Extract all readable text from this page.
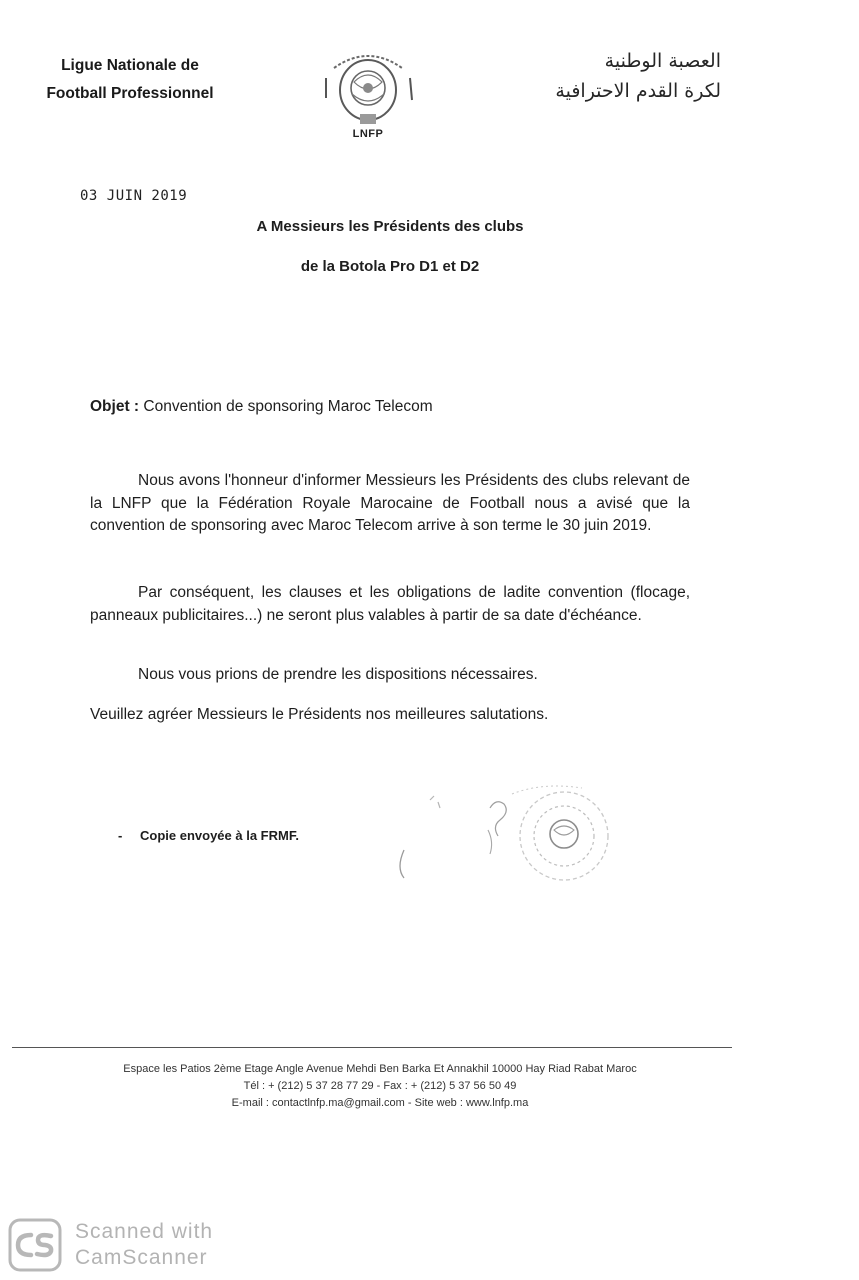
Ligue Nationale de
Football Professionnel
LNFP
العصبة الوطنية
لكرة القدم الاحترافية
03 JUIN 2019
A Messieurs les Présidents des clubs
de la Botola Pro D1 et D2
Objet : Convention de sponsoring Maroc Telecom
Nous avons l'honneur d'informer Messieurs les Présidents des clubs relevant de la LNFP que la Fédération Royale Marocaine de Football nous a avisé que la convention de sponsoring avec Maroc Telecom arrive à son terme le 30 juin 2019.
Par conséquent, les clauses et les obligations de ladite convention (flocage, panneaux publicitaires...) ne seront plus valables à partir de sa date d'échéance.
Nous vous prions de prendre les dispositions nécessaires.
Veuillez agréer Messieurs le Présidents nos meilleures salutations.
- Copie envoyée à la FRMF.
Espace les Patios 2ème Etage Angle Avenue Mehdi Ben Barka Et Annakhil 10000 Hay Riad Rabat Maroc
Tél : + (212) 5 37 28 77 29 - Fax : + (212) 5 37 56 50 49
E-mail : contactlnfp.ma@gmail.com - Site web : www.lnfp.ma
Scanned with
CamScanner
